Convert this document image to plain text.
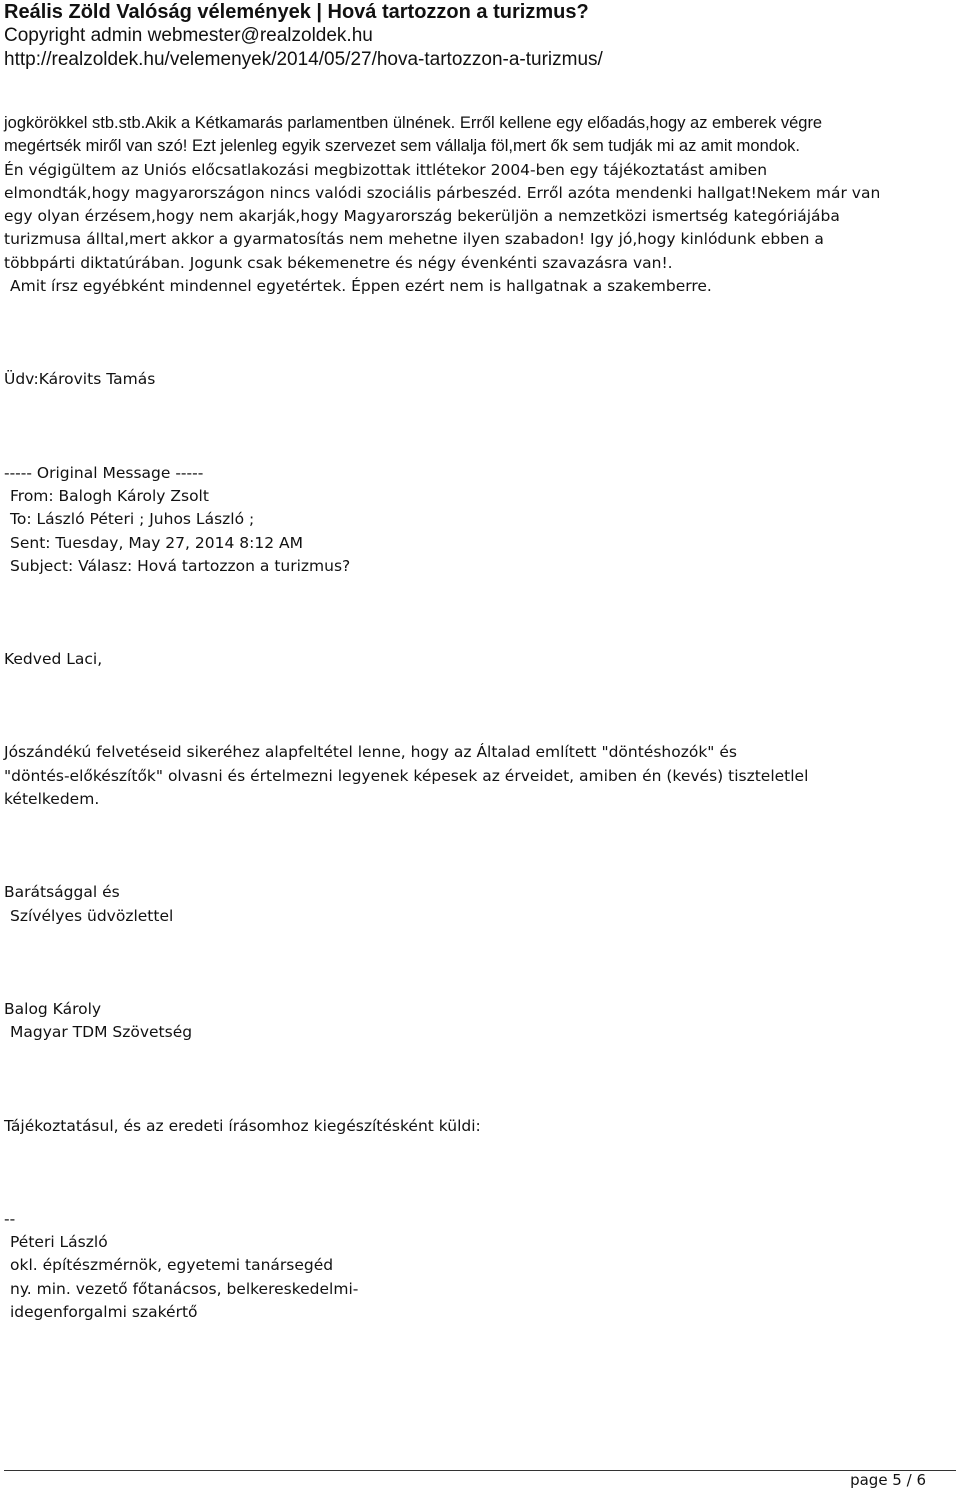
Reális Zöld Valóság vélemények | Hová tartozzon a turizmus?
Copyright admin webmester@realzoldek.hu
http://realzoldek.hu/velemenyek/2014/05/27/hova-tartozzon-a-turizmus/
jogkörökkel stb.stb.Akik a Kétkamarás parlamentben ülnének. Erről kellene egy előadás,hogy az emberek végre
megértsék miről van szó! Ezt jelenleg egyik szervezet sem vállalja föl,mert ők sem tudják mi az amit mondok.
Én végigültem az Uniós előcsatlakozási megbizottak ittlétekor 2004-ben egy tájékoztatást amiben
elmondták,hogy magyarországon nincs valódi szociális párbeszéd. Erről azóta mendenki hallgat!Nekem már van
egy olyan érzésem,hogy nem akarják,hogy Magyarország bekerüljön a nemzetközi ismertség kategóriájába
turizmusa álltal,mert akkor a gyarmatosítás nem mehetne ilyen szabadon! Igy jó,hogy kinlódunk ebben a
többpárti diktatúrában. Jogunk csak békemenetre és négy évenkénti szavazásra van!.
Amit írsz egyébként mindennel egyetértek. Éppen ezért nem is hallgatnak a szakemberre.
Üdv:Károvits Tamás
----- Original Message -----
From: Balogh Károly Zsolt
To: László Péteri ; Juhos László ;
Sent: Tuesday, May 27, 2014 8:12 AM
Subject: Válasz: Hová tartozzon a turizmus?
Kedved Laci,
Jószándékú felvetéseid sikeréhez alapfeltétel lenne, hogy az Általad említett "döntéshozók" és
"döntés-előkészítők" olvasni és értelmezni legyenek képesek az érveidet, amiben én (kevés) tiszteletlel
kételkedem.
Barátsággal és
Szívélyes üdvözlettel
Balog Károly
Magyar TDM Szövetség
Tájékoztatásul, és az eredeti írásomhoz kiegészítésként küldi:
--
Péteri László
okl. építészmérnök, egyetemi tanársegéd
ny. min. vezető főtanácsos, belkereskedelmi-
idegenforgalmi szakértő
page 5 / 6
